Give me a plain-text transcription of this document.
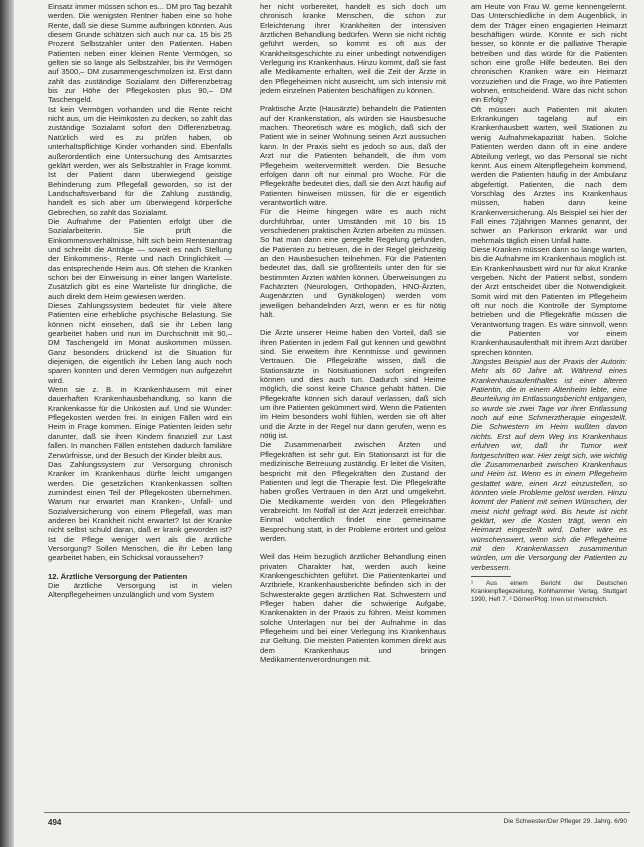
Einsatz immer müssen schon es... DM pro Tag bezahlt werden. Die wenigsten Rentner haben eine so hohe Rente, daß sie diese Summe aufbringen könnten. Aus diesem Grunde schätzen sich auch nur ca. 15 bis 25 Prozent Selbstzahler unter den Patienten. Haben Patienten neben einer kleinen Rente Vermögen, so gelten sie so lange als Selbstzahler, bis ihr Vermögen auf 3500,– DM zusammengeschmolzen ist. Erst dann zahlt das zuständige Sozialamt den Differenzbetrag bis zur Höhe der Pflegekosten plus 90,– DM Taschengeld.

Ist kein Vermögen vorhanden und die Rente reicht nicht aus, um die Heimkosten zu decken, so zahlt das zuständige Sozialamt sofort den Differenzbetrag. Natürlich wird es zu prüfen haben, ob unterhaltspflichtige Kinder vorhanden sind. Ebenfalls außerordentlich eine Untersuchung des Amtsarztes geklärt werden, wer als Selbstzahler in Frage kommt. Ist der Patient dann überwiegend geistige Behinderung zum Pflegefall geworden, so ist der Landschaftsverband für die Zahlung zuständig, handelt es sich aber um überwiegend körperliche Gebrechen, so zahlt das Sozialamt.

Die Aufnahme der Patienten erfolgt über die Sozialarbeiterin. Sie prüft die Einkommensverhältnisse, hilft sich beim Rentenantrag und schreibt die Anträge — soweit es nach Stellung der Einkommens-, Rente und nach Dringlichkeit — das entsprechende Heim aus. Oft stehen die Kranken schon bei der Einweisung in einer langen Warteliste. Zusätzlich gibt es eine Warteliste für dringliche, die auch direkt dem Heim gewiesen werden.

Dieses Zahlungssystem bedeutet für viele ältere Patienten eine erhebliche psychische Belastung. Sie können nicht einsehen, daß sie ihr Leben lang gearbeitet haben und nun im Durchschnitt mit 90,– DM Taschengeld im Monat auskommen müssen. Ganz besonders drückend ist die Situation für diejenigen, die eigentlich ihr Leben lang auch noch sparen konnten und deren Vermögen nun aufgezehrt wird.

Wenn sie z. B. in Krankenhäusern mit einer dauerhaften Krankenhausbehandlung, so kann die Krankenkasse für die Unkosten auf. Und sie Wunder: Pflegekosten werden frei. In einigen Fällen wird ein Heim in Frage kommen. Einige Patienten leiden sehr darunter, daß sie ihren Kindern finanziell zur Last fallen. In manchen Fällen entstehen dadurch familiäre Zerwürfnisse, und der Besuch der Kinder bleibt aus.

Das Zahlungssystem zur Versorgung chronisch Kranker im Krankenhaus dürfte leicht umgangen werden. Die gesetzlichen Krankenkassen sollten zumindest einen Teil der Pflegekosten übernehmen. Warum nur erwartet man Kranken-, Unfall- und Sozialversicherung von einem Pflegefall, was man anderen bei Krankheit nicht erwartet? Ist der Kranke nicht selbst schuld daran, daß er krank geworden ist? Ist die Pflege weniger wert als die ärztliche Versorgung? Sollen Menschen, die ihr Leben lang gearbeitet haben, ein Schicksal voraussehen?

12. Ärztliche Versorgung der Patienten

Die ärztliche Versorgung ist in vielen Altenpflegeheimen unzulänglich und vom System

her nicht vorbereitet, handelt es sich doch um chronisch kranke Menschen, die schon zur Erleichterung ihrer Krankheiten der intensiven ärztlichen Behandlung bedürfen. Wenn sie nicht richtig geführt werden, so kommt es oft aus der Krankheitsgeschichte zu einer unbedingt notwendigen Verlegung ins Krankenhaus. Hinzu kommt, daß sie fast alle Medikamente erhalten, weil die Zeit der Ärzte in den Pflegeheimen nicht ausreicht, um sich intensiv mit jedem einzelnen Patienten beschäftigen zu können.

Praktische Ärzte (Hausärzte) behandeln die Patienten auf der Krankenstation, als würden sie Hausbesuche machen. Theoretisch wäre es möglich, daß sich der Patient wie in seiner Wohnung seinen Arzt aussuchen kann. In der Praxis sieht es jedoch so aus, daß der Arzt nur die Patienten behandelt, die ihm vom Pflegeheim weitervermittelt werden. Die Besuche erfolgen dann oft nur einmal pro Woche. Für die Pflegekräfte bedeutet dies, daß sie den Arzt häufig auf Patienten hinweisen müssen, für die er eigentlich verantwortlich wäre.

Für die Heime hingegen wäre es auch nicht durchführbar, unter Umständen mit 10 bis 15 verschiedenen praktischen Ärzten arbeiten zu müssen. So hat man dann eine geregelte Regelung gefunden, die Patienten zu betreuen, die in der Regel gleichzeitig an den Hausbesuchen teilnehmen. Für die Patienten bedeutet das, daß sie größtenteils unter den für sie bestimmten Ärzten wählen können. Überweisungen zu Fachärzten (Neurologen, Orthopäden, HNO-Ärzten, Augenärzten und Gynäkologen) werden vom jeweiligen behandelnden Arzt, wenn er es für nötig hält.

Die Ärzte unserer Heime haben den Vorteil, daß sie ihren Patienten in jedem Fall gut kennen und gewöhnt sind. Sie erweitern ihre Kenntnisse und gewinnen Vertrauen. Die Pflegekräfte wissen, daß die Stationsärzte in Notsituationen sofort eingreifen können und dies auch tun. Dadurch sind Heime möglich, die sonst keine Chance gehabt hätten. Die Pflegekräfte können sich darauf verlassen, daß sich um ihre Patienten gekümmert wird. Wenn die Patienten im Heim besonders wohl fühlen, werden sie oft älter und die Ärzte in der Regel nur dann gerufen, wenn es nötig ist.

Die Zusammenarbeit zwischen Ärzten und Pflegekräften ist sehr gut. Ein Stationsarzt ist für die medizinische Betreuung zuständig. Er leitet die Visiten, bespricht mit den Pflegekräften den Zustand der Patienten und legt die Therapie fest. Die Pflegekräfte haben großes Vertrauen in den Arzt und umgekehrt. Die Medikamente werden von den Pflegekräften verabreicht. Im Notfall ist der Arzt jederzeit erreichbar. Einmal wöchentlich findet eine gemeinsame Besprechung statt, in der Probleme erörtert und gelöst werden.

Weil das Heim bezuglich ärztlicher Behandlung einen privaten Charakter hat, werden auch keine Krankengeschichten geführt. Die Patientenkartei und Arztbriefe, Krankenhausberichte befinden sich in der Schwesterakte gegen ärztlichen Rat. Schwestern und Pfleger haben daher die schwierige Aufgabe, Krankenakten in der Praxis zu führen. Meist kommen solche Unterlagen nur bei der Aufnahme in das Pflegeheim und bei einer Verlegung ins Krankenhaus zur Geltung. Die meisten Patienten kommen direkt aus dem Krankenhaus und bringen Medikamentenverordnungen mit.

am Heute von Frau W. gerne kennengelernt. Das Unterschiedliche in dem Augenblick, in dem der Träger einen engagierten Heimarzt beschäftigen würde. Könnte er sich nicht besser, so könnte er die palliative Therapie betreiben und das würde für die Patienten schon eine große Hilfe bedeuten. Bei den chronischen Kranken wäre ein Heimarzt vorzuziehen und die Frage, wo ihre Patienten wohnen, entscheidend. Wäre das nicht schon ein Erfolg?

Oft müssen auch Patienten mit akuten Erkrankungen tagelang auf ein Krankenhausbett warten, weil Stationen zu wenig Aufnahmekapazität haben. Solche Patienten werden dann oft in eine andere Abteilung verlegt, wo das Personal sie nicht kennt. Aus einem Altenpflegeheim kommend, werden die Patienten häufig in der Ambulanz abgefertigt. Patienten, die nach dem Vorschlag des Arztes ins Krankenhaus müssen, haben dann keine Krankenversicherung. Als Beispiel sei hier der Fall eines 72jährigen Mannes genannt, der schwer an Parkinson erkrankt war und mehrmals täglich einen Unfall hatte.

Diese Kranken müssen dann so lange warten, bis die Aufnahme im Krankenhaus möglich ist. Ein Krankenhausbett wird nur für akut Kranke vergeben. Nicht der Patient selbst, sondern der Arzt entscheidet über die Notwendigkeit. Somit wird mit den Patienten im Pflegeheim oft nur noch die Kontrolle der Symptome betrieben und die Pflegekräfte müssen die Verantwortung tragen. Es wäre sinnvoll, wenn die Patienten vor einem Krankenhausaufenthalt mit ihrem Arzt darüber sprechen könnten.

Jüngstes Beispiel aus der Praxis der Autorin: Mehr als 60 Jahre alt. Während eines Krankenhausaufenthaltes ist einer älteren Patientin, die in einem Altenheim lebte, eine Beurteilung im Entlassungsbericht entgangen, so wurde sie zwei Tage vor ihrer Entlassung noch auf eine Schmerztherapie eingestellt. Die Schwestern im Heim wußten davon nichts. Erst auf dem Weg ins Krankenhaus erfuhren wir, daß ihr Tumor weit fortgeschritten war. Hier zeigt sich, wie wichtig die Zusammenarbeit zwischen Krankenhaus und Heim ist. Wenn es in einem Pflegeheim gestattet wäre, einen Arzt einzustellen, so könnten viele Probleme gelöst werden. Hinzu kommt der Patient mit seinen Wünschen, der meist nicht gefragt wird. Bis heute ist nicht geklärt, wer die Kosten trägt, wenn ein Heimarzt eingestellt wird. Daher wäre es wünschenswert, wenn sich die Pflegeheime mit den Krankenkassen zusammentun würden, um die Versorgung der Patienten zu verbessern.

¹ Aus einem Bericht der Deutschen Krankenpflegezeitung, Kohlhammer Verlag, Stuttgart 1990, Heft 7. ² Dörner/Plog: Irren ist menschlich.

494	Die Schwester/Der Pfleger 29. Jahrg. 6/90
